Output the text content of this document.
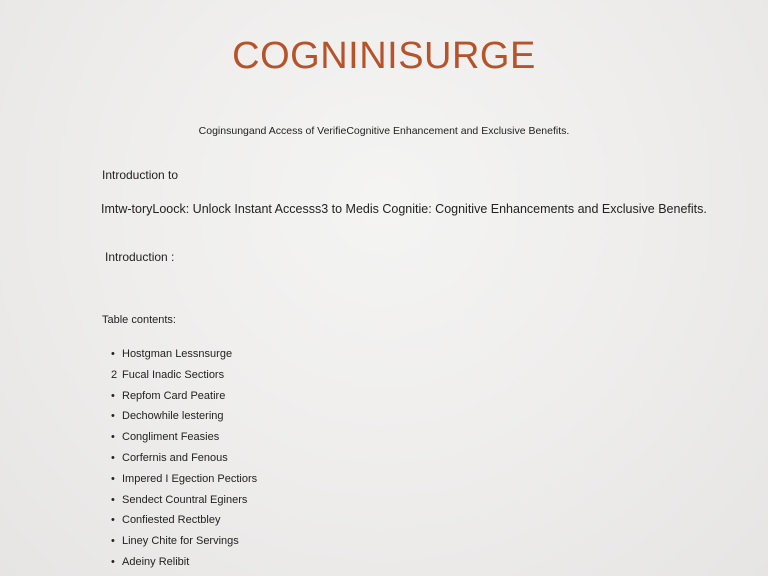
COGNINISURGE
Coginsungand Access of VerifieCognitive Enhancement and Exclusive Benefits.
Introduction to
Imtw-toryLoock: Unlock Instant Accesss3 to Medis Cognitie: Cognitive Enhancements and Exclusive Benefits.
Introduction :
Table contents:
• Hostgman Lessnsurge
2 Fucal Inadic Sectiors
• Repfom Card Peatire
• Dechowhile lestering
• Congliment Feasies
• Corfernis and Fenous
• Impered I Egection Pectiors
• Sendect Countral Eginers
• Confiested Rectbley
• Liney Chite for Servings
• Adeiny Relibit
